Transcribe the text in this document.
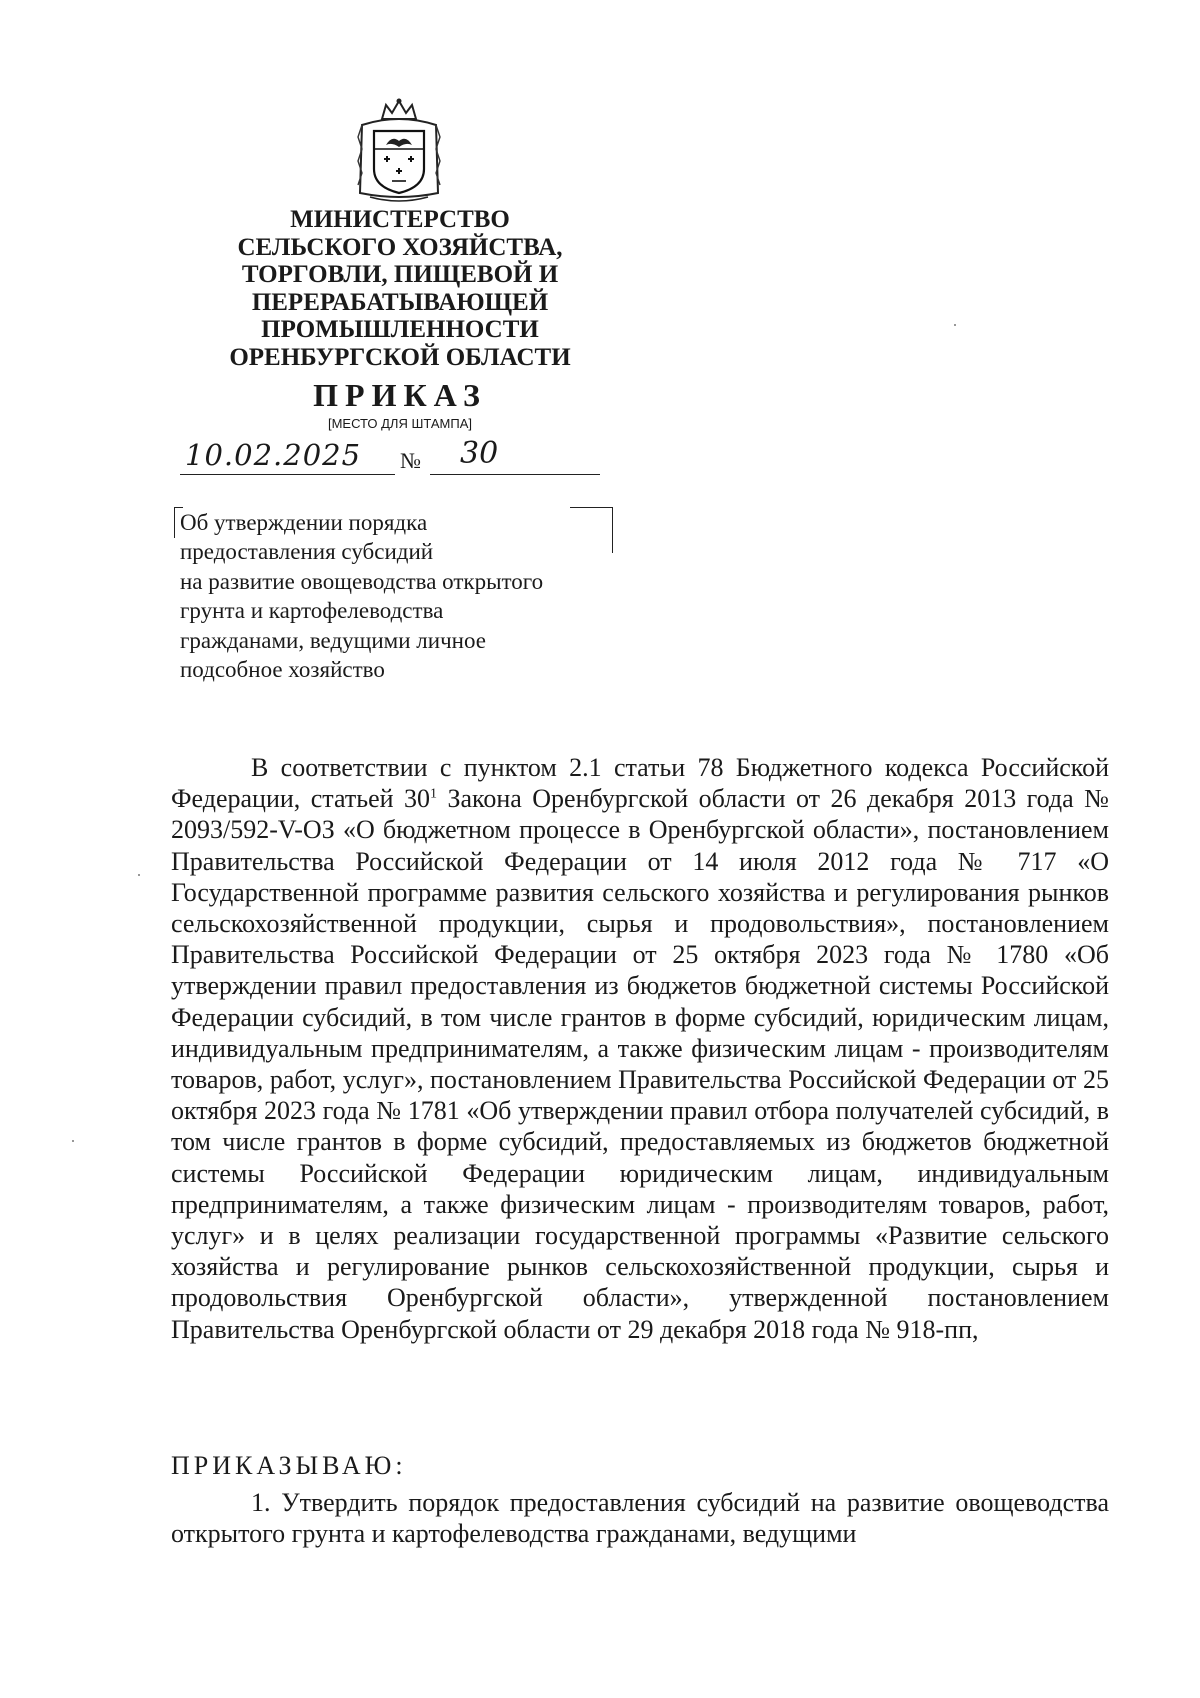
МИНИСТЕРСТВО
СЕЛЬСКОГО ХОЗЯЙСТВА,
ТОРГОВЛИ, ПИЩЕВОЙ И
ПЕРЕРАБАТЫВАЮЩЕЙ
ПРОМЫШЛЕННОСТИ
ОРЕНБУРГСКОЙ ОБЛАСТИ
ПРИКАЗ
[МЕСТО ДЛЯ ШТАМПА]
10.02.2025	№ 30
Об утверждении порядка
предоставления субсидий
на развитие овощеводства открытого
грунта и картофелеводства
гражданами, ведущими личное
подсобное хозяйство

В соответствии с пунктом 2.1 статьи 78 Бюджетного кодекса Российской Федерации, статьей $30^1$ Закона Оренбургской области от 26 декабря 2013 года № 2093/592-V-ОЗ «О бюджетном процессе в Оренбургской области», постановлением Правительства Российской Федерации от 14 июля 2012 года № 717 «О Государственной программе развития сельского хозяйства и регулирования рынков сельскохозяйственной продукции, сырья и продовольствия», постановлением Правительства Российской Федерации от 25 октября 2023 года № 1780 «Об утверждении правил предоставления из бюджетов бюджетной системы Российской Федерации субсидий, в том числе грантов в форме субсидий, юридическим лицам, индивидуальным предпринимателям, а также физическим лицам - производителям товаров, работ, услуг», постановлением Правительства Российской Федерации от 25 октября 2023 года № 1781 «Об утверждении правил отбора получателей субсидий, в том числе грантов в форме субсидий, предоставляемых из бюджетов бюджетной системы Российской Федерации юридическим лицам, индивидуальным предпринимателям, а также физическим лицам - производителям товаров, работ, услуг» и в целях реализации государственной программы «Развитие сельского хозяйства и регулирование рынков сельскохозяйственной продукции, сырья и продовольствия Оренбургской области», утвержденной постановлением Правительства Оренбургской области от 29 декабря 2018 года № 918-пп,

ПРИКАЗЫВАЮ:

1. Утвердить порядок предоставления субсидий на развитие овощеводства открытого грунта и картофелеводства гражданами, ведущими
